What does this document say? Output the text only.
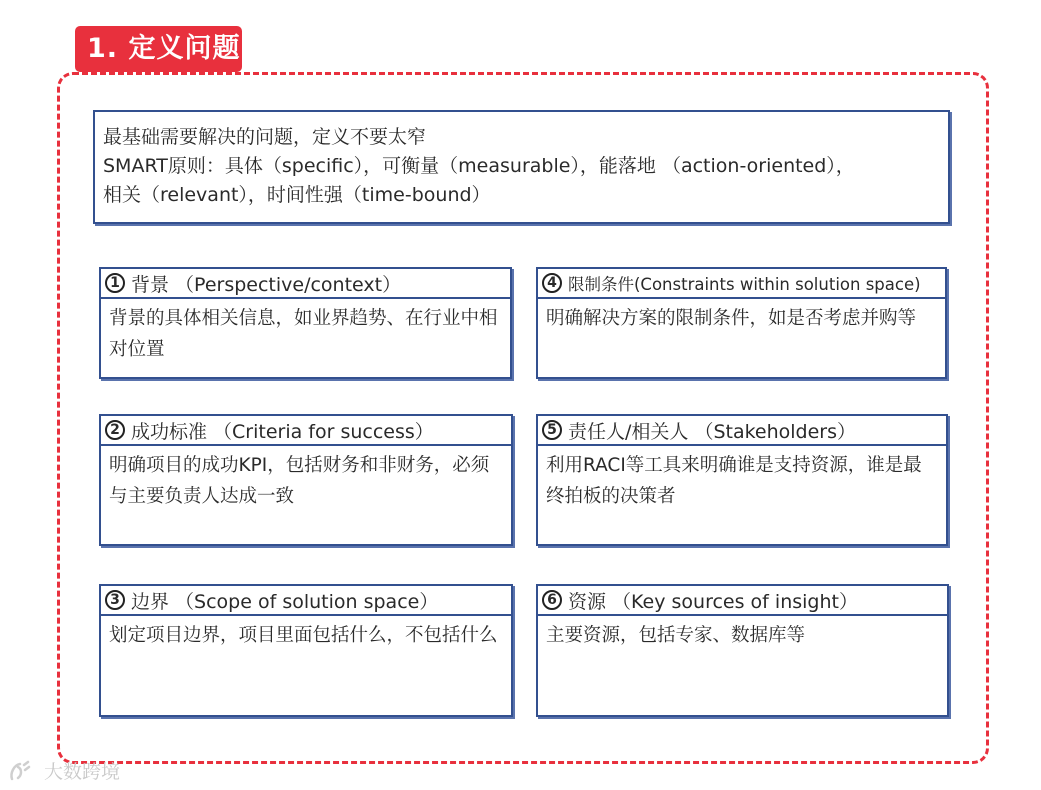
1. 定义问题
最基础需要解决的问题，定义不要太窄
SMART原则：具体（specific），可衡量（measurable），能落地 （action-oriented），
相关（relevant），时间性强（time-bound）
1 背景 （Perspective/context）
背景的具体相关信息，如业界趋势、在行业中相对位置
4 限制条件(Constraints within solution space)
明确解决方案的限制条件，如是否考虑并购等
2 成功标准 （Criteria for success）
明确项目的成功KPI，包括财务和非财务，必须与主要负责人达成一致
5 责任人/相关人 （Stakeholders）
利用RACI等工具来明确谁是支持资源，谁是最终拍板的决策者
3 边界 （Scope of solution space）
划定项目边界，项目里面包括什么，不包括什么
6 资源 （Key sources of insight）
主要资源，包括专家、数据库等
大数跨境
